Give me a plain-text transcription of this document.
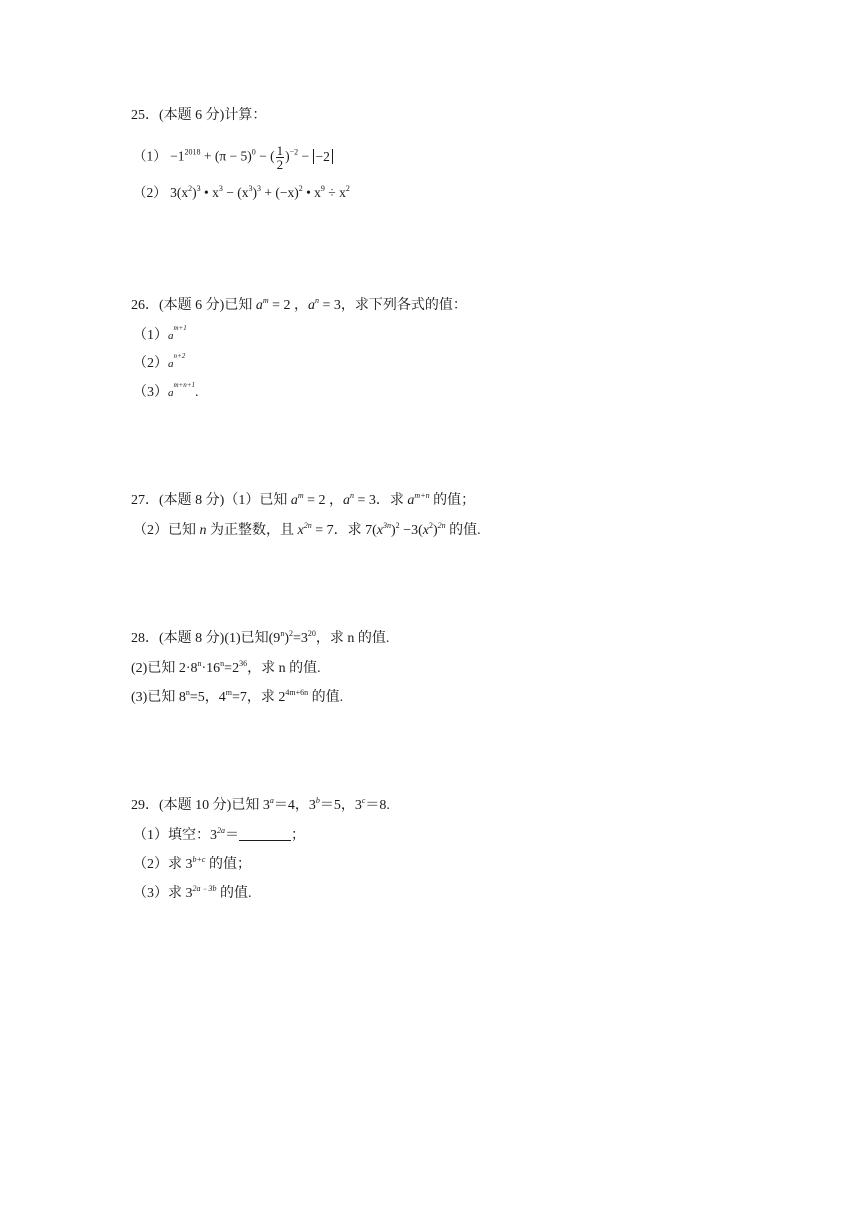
25．(本题 6 分)计算：
$(1) -1^{2018} + (\pi - 5)^0$ − ( $\frac{1}{2} )^{-2} - -2$
（2） $3(x^2)^3$ • $x^3 - (x^3)^3 + (-x)^2$ • $x^9 \div x^2$
26．(本题 6 分)已知 $a^m = 2$ ，$a^n = 3$，求下列各式的值：
$(1)a^{m+1}$
$(2)a^{n+2}$
$(3)a^{m+n+1}$.
27．(本题 8 分)（1）已知 $a^m = 2$ ，$a^n = 3$．求 $a^{m+n}$ 的值；
（2）已知 n 为正整数，且 $x^{2n} = 7$．求 $7(x^{3n})^2 -3(x^2)^{2n}$ 的值.
28．(本题 8 分)(1)已知$(9^n)^2=3^{20}$，求 n 的值.
(2)已知 $2\cdot 8^n\cdot 16^n=2^{36}$，求 n 的值.
(3)已知 $8^n=5$，$4^m=7$，求 $2^{4m+6n}$ 的值.
29．(本题 10 分)已知 $3^a=4$，$3^b=5$，$3^c=8$.
（1）填空：$3^{2a}=$	；
（2）求 $3^{b+c}$ 的值；
（3）求 $3^{2a﹣3b}$ 的值.
